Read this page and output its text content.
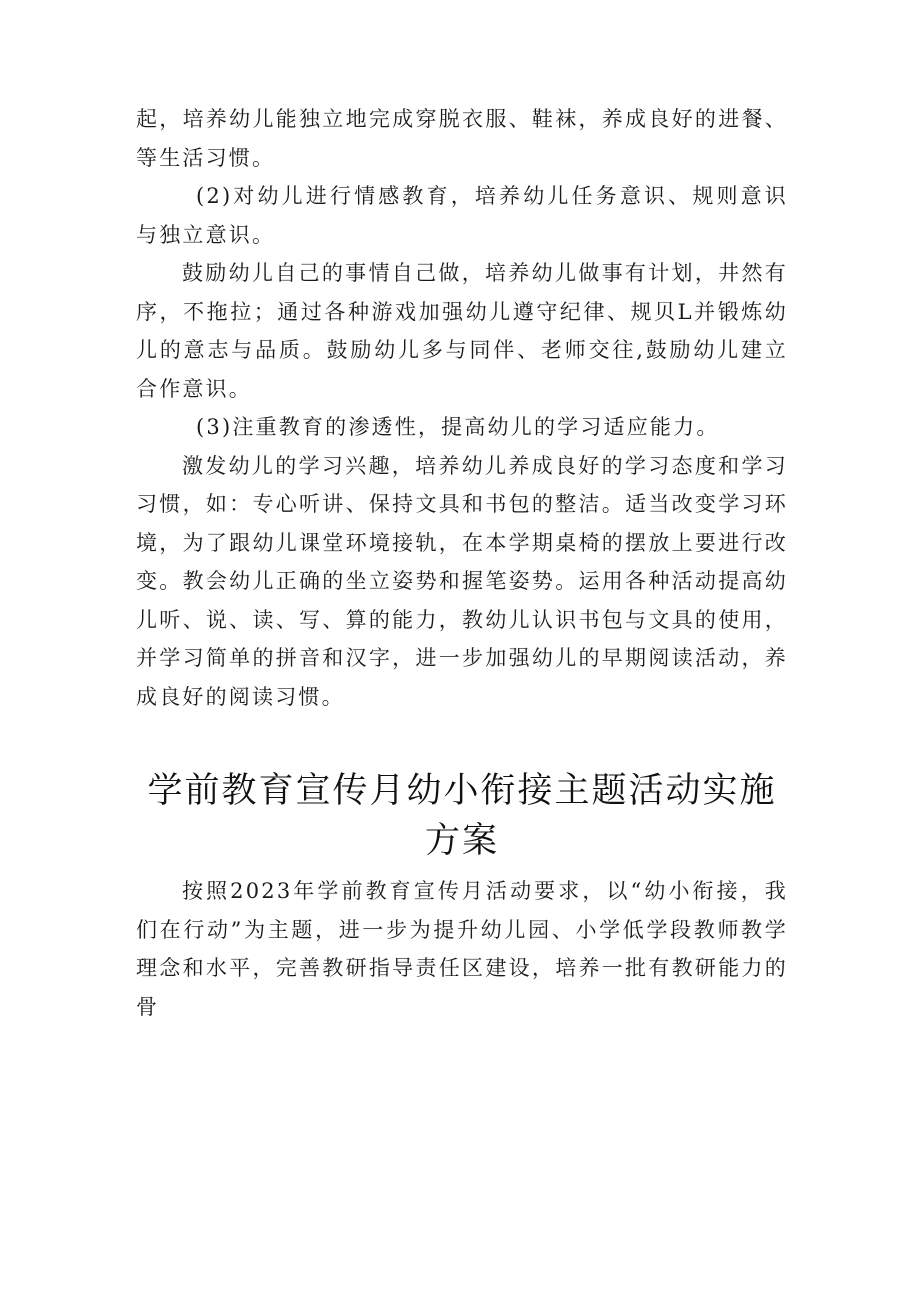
起，培养幼儿能独立地完成穿脱衣服、鞋袜，养成良好的进餐、等生活习惯。

(2)对幼儿进行情感教育，培养幼儿任务意识、规则意识与独立意识。

鼓励幼儿自己的事情自己做，培养幼儿做事有计划，井然有序，不拖拉；通过各种游戏加强幼儿遵守纪律、规贝L并锻炼幼儿的意志与品质。鼓励幼儿多与同伴、老师交往,鼓励幼儿建立合作意识。

(3)注重教育的渗透性，提高幼儿的学习适应能力。

激发幼儿的学习兴趣，培养幼儿养成良好的学习态度和学习习惯，如：专心听讲、保持文具和书包的整洁。适当改变学习环境，为了跟幼儿课堂环境接轨，在本学期桌椅的摆放上要进行改变。教会幼儿正确的坐立姿势和握笔姿势。运用各种活动提高幼儿听、说、读、写、算的能力，教幼儿认识书包与文具的使用，并学习简单的拼音和汉字，进一步加强幼儿的早期阅读活动，养成良好的阅读习惯。

学前教育宣传月幼小衔接主题活动实施方案

按照2023年学前教育宣传月活动要求，以“幼小衔接，我们在行动”为主题，进一步为提升幼儿园、小学低学段教师教学理念和水平，完善教研指导责任区建设，培养一批有教研能力的骨
